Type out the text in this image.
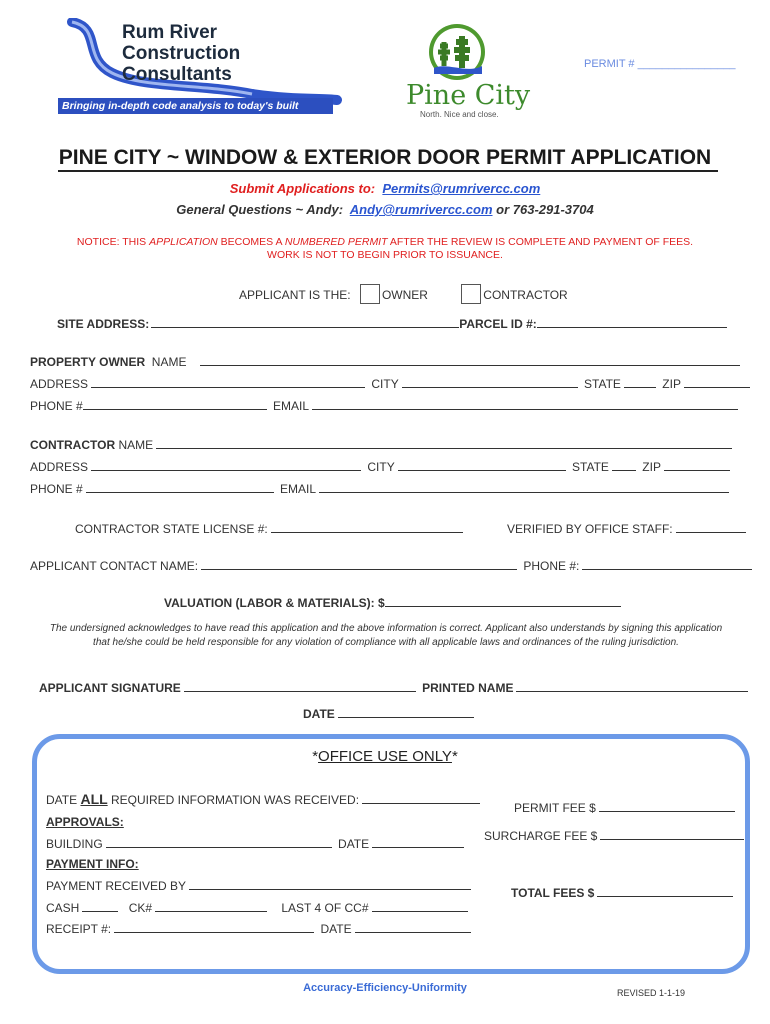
Rum River
Construction
Consultants
Bringing in-depth code analysis to today's built environment
Pine City
North. Nice and close.
PERMIT # ________________
PINE CITY ~ WINDOW & EXTERIOR DOOR PERMIT APPLICATION
Submit Applications to: Permits@rumrivercc.com
General Questions ~ Andy: Andy@rumrivercc.com or 763-291-3704
NOTICE: THIS APPLICATION BECOMES A NUMBERED PERMIT AFTER THE REVIEW IS COMPLETE AND PAYMENT OF FEES.
WORK IS NOT TO BEGIN PRIOR TO ISSUANCE.
APPLICANT IS THE:	OWNER	CONTRACTOR
SITE ADDRESS:	PARCEL ID #:
PROPERTY OWNER NAME
ADDRESS	CITY	STATE	ZIP
PHONE #	EMAIL
CONTRACTOR NAME
ADDRESS	CITY	STATE	ZIP
PHONE #	EMAIL
CONTRACTOR STATE LICENSE #:	VERIFIED BY OFFICE STAFF:
APPLICANT CONTACT NAME:	PHONE #:
VALUATION (LABOR & MATERIALS): $
The undersigned acknowledges to have read this application and the above information is correct. Applicant also understands by signing this application
that he/she could be held responsible for any violation of compliance with all applicable laws and ordinances of the ruling jurisdiction.
APPLICANT SIGNATURE	PRINTED NAME
DATE
*OFFICE USE ONLY*
DATE ALL REQUIRED INFORMATION WAS RECEIVED:
APPROVALS:
BUILDING	DATE
PAYMENT INFO:
PAYMENT RECEIVED BY
CASH	CK#	LAST 4 OF CC#
RECEIPT #:	DATE
PERMIT FEE $
SURCHARGE FEE $
TOTAL FEES $
Accuracy-Efficiency-Uniformity	REVISED 1-1-19
